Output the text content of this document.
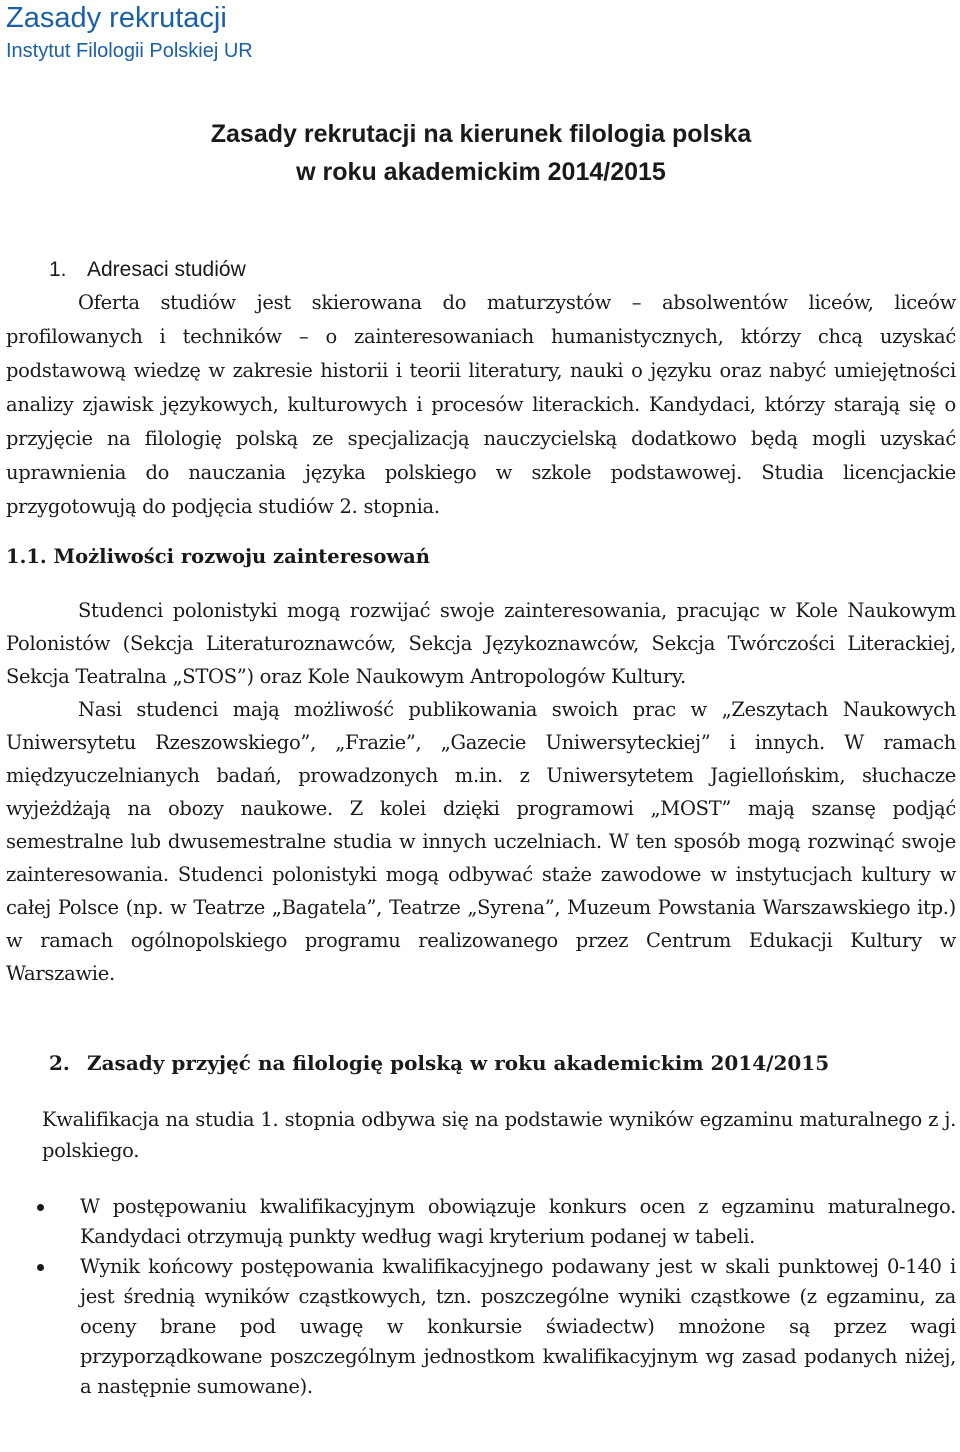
Zasady rekrutacji
Instytut Filologii Polskiej UR
Zasady rekrutacji na kierunek filologia polska
w roku akademickim 2014/2015
1. Adresaci studiów

Oferta studiów jest skierowana do maturzystów – absolwentów liceów, liceów profilowanych i techników – o zainteresowaniach humanistycznych, którzy chcą uzyskać podstawową wiedzę w zakresie historii i teorii literatury, nauki o języku oraz nabyć umiejętności analizy zjawisk językowych, kulturowych i procesów literackich. Kandydaci, którzy starają się o przyjęcie na filologię polską ze specjalizacją nauczycielską dodatkowo będą mogli uzyskać uprawnienia do nauczania języka polskiego w szkole podstawowej. Studia licencjackie przygotowują do podjęcia studiów 2. stopnia.

1.1. Możliwości rozwoju zainteresowań

Studenci polonistyki mogą rozwijać swoje zainteresowania, pracując w Kole Naukowym Polonistów (Sekcja Literaturoznawców, Sekcja Językoznawców, Sekcja Twórczości Literackiej, Sekcja Teatralna „STOS”) oraz Kole Naukowym Antropologów Kultury.

Nasi studenci mają możliwość publikowania swoich prac w „Zeszytach Naukowych Uniwersytetu Rzeszowskiego”, „Frazie”, „Gazecie Uniwersyteckiej” i innych. W ramach międzyuczelnianych badań, prowadzonych m.in. z Uniwersytetem Jagiellońskim, słuchacze wyjeżdżają na obozy naukowe. Z kolei dzięki programowi „MOST” mają szansę podjąć semestralne lub dwusemestralne studia w innych uczelniach. W ten sposób mogą rozwinąć swoje zainteresowania. Studenci polonistyki mogą odbywać staże zawodowe w instytucjach kultury w całej Polsce (np. w Teatrze „Bagatela”, Teatrze „Syrena”, Muzeum Powstania Warszawskiego itp.) w ramach ogólnopolskiego programu realizowanego przez Centrum Edukacji Kultury w Warszawie.

2. Zasady przyjęć na filologię polską w roku akademickim 2014/2015

Kwalifikacja na studia 1. stopnia odbywa się na podstawie wyników egzaminu maturalnego z j. polskiego.

W postępowaniu kwalifikacyjnym obowiązuje konkurs ocen z egzaminu maturalnego. Kandydaci otrzymują punkty według wagi kryterium podanej w tabeli.
Wynik końcowy postępowania kwalifikacyjnego podawany jest w skali punktowej 0-140 i jest średnią wyników cząstkowych, tzn. poszczególne wyniki cząstkowe (z egzaminu, za oceny brane pod uwagę w konkursie świadectw) mnożone są przez wagi przyporządkowane poszczególnym jednostkom kwalifikacyjnym wg zasad podanych niżej, a następnie sumowane).
